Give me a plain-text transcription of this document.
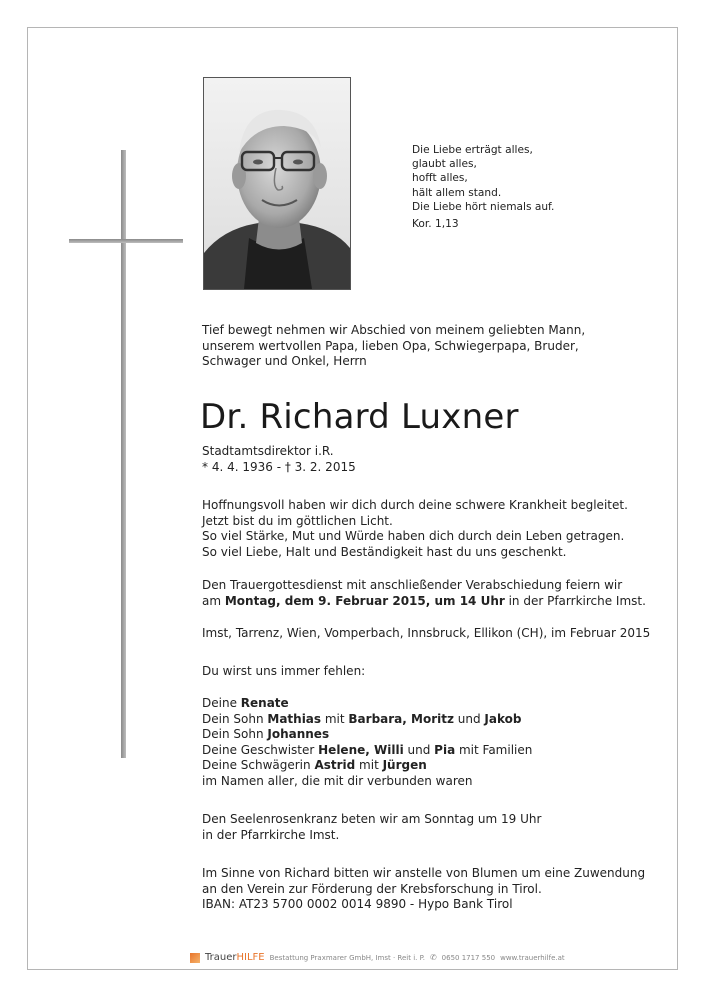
Die Liebe erträgt alles,
glaubt alles,
hofft alles,
hält allem stand.
Die Liebe hört niemals auf.
Kor. 1,13
Tief bewegt nehmen wir Abschied von meinem geliebten Mann,
unserem wertvollen Papa, lieben Opa, Schwiegerpapa, Bruder,
Schwager und Onkel, Herrn
Dr. Richard Luxner
Stadtamtsdirektor i.R.
* 4. 4. 1936 - † 3. 2. 2015
Hoffnungsvoll haben wir dich durch deine schwere Krankheit begleitet.
Jetzt bist du im göttlichen Licht.
So viel Stärke, Mut und Würde haben dich durch dein Leben getragen.
So viel Liebe, Halt und Beständigkeit hast du uns geschenkt.
Den Trauergottesdienst mit anschließender Verabschiedung feiern wir
am Montag, dem 9. Februar 2015, um 14 Uhr in der Pfarrkirche Imst.
Imst, Tarrenz, Wien, Vomperbach, Innsbruck, Ellikon (CH), im Februar 2015
Du wirst uns immer fehlen:
Deine Renate
Dein Sohn Mathias mit Barbara, Moritz und Jakob
Dein Sohn Johannes
Deine Geschwister Helene, Willi und Pia mit Familien
Deine Schwägerin Astrid mit Jürgen
im Namen aller, die mit dir verbunden waren
Den Seelenrosenkranz beten wir am Sonntag um 19 Uhr
in der Pfarrkirche Imst.
Im Sinne von Richard bitten wir anstelle von Blumen um eine Zuwendung
an den Verein zur Förderung der Krebsforschung in Tirol.
IBAN: AT23 5700 0002 0014 9890 - Hypo Bank Tirol
TrauerHILFE Bestattung Praxmarer GmbH, Imst · Reit i. P. ✆ 0650 1717 550 www.trauerhilfe.at
